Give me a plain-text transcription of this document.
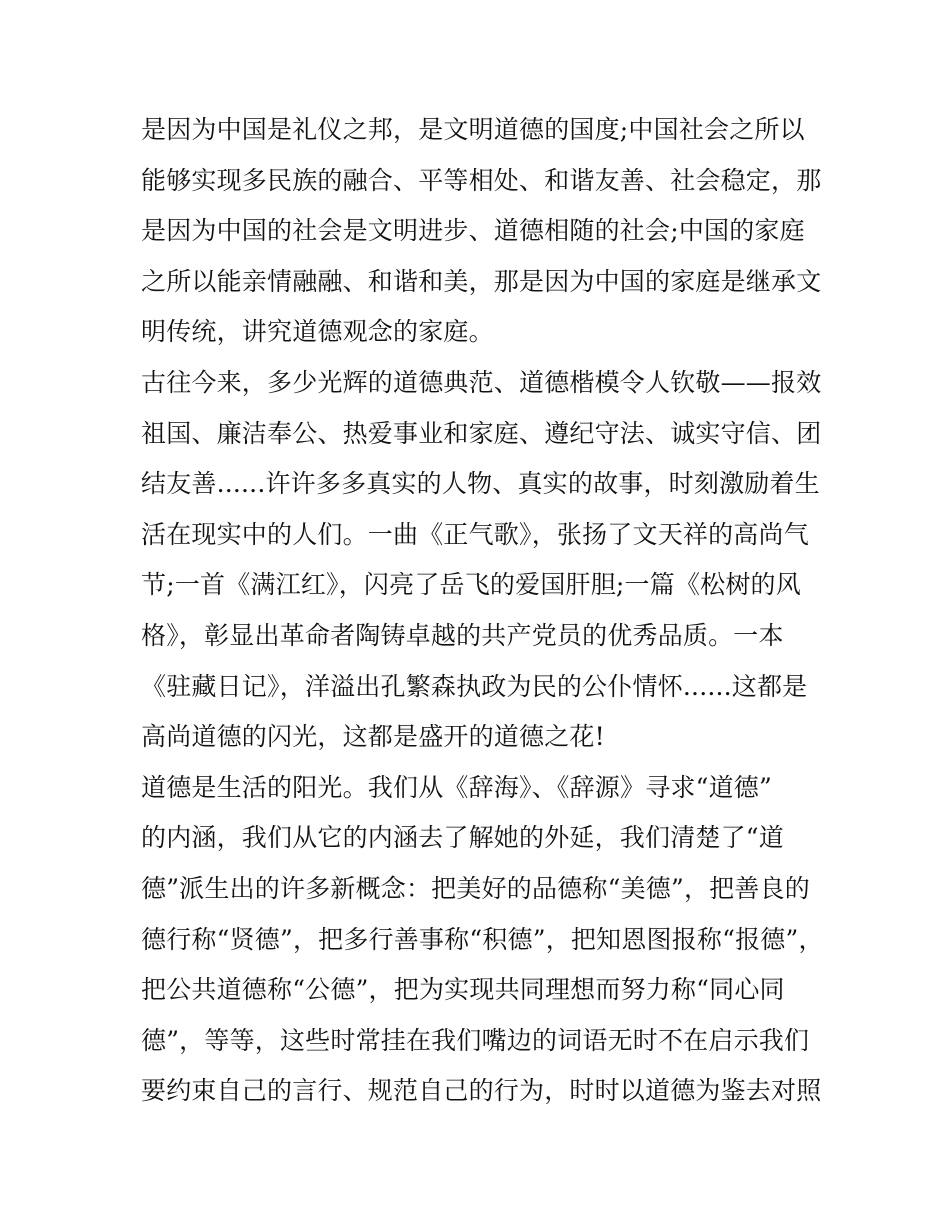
是因为中国是礼仪之邦，是文明道德的国度;中国社会之所以
能够实现多民族的融合、平等相处、和谐友善、社会稳定，那
是因为中国的社会是文明进步、道德相随的社会;中国的家庭
之所以能亲情融融、和谐和美，那是因为中国的家庭是继承文
明传统，讲究道德观念的家庭。
古往今来，多少光辉的道德典范、道德楷模令人钦敬——报效
祖国、廉洁奉公、热爱事业和家庭、遵纪守法、诚实守信、团
结友善......许许多多真实的人物、真实的故事，时刻激励着生
活在现实中的人们。一曲《正气歌》，张扬了文天祥的高尚气
节;一首《满江红》，闪亮了岳飞的爱国肝胆;一篇《松树的风
格》，彰显出革命者陶铸卓越的共产党员的优秀品质。一本
《驻藏日记》，洋溢出孔繁森执政为民的公仆情怀......这都是
高尚道德的闪光，这都是盛开的道德之花!
道德是生活的阳光。我们从《辞海》、《辞源》寻求“道德”
的内涵，我们从它的内涵去了解她的外延，我们清楚了“道
德”派生出的许多新概念：把美好的品德称“美德”，把善良的
德行称“贤德”，把多行善事称“积德”，把知恩图报称“报德”，
把公共道德称“公德”，把为实现共同理想而努力称“同心同
德”，等等，这些时常挂在我们嘴边的词语无时不在启示我们
要约束自己的言行、规范自己的行为，时时以道德为鉴去对照
